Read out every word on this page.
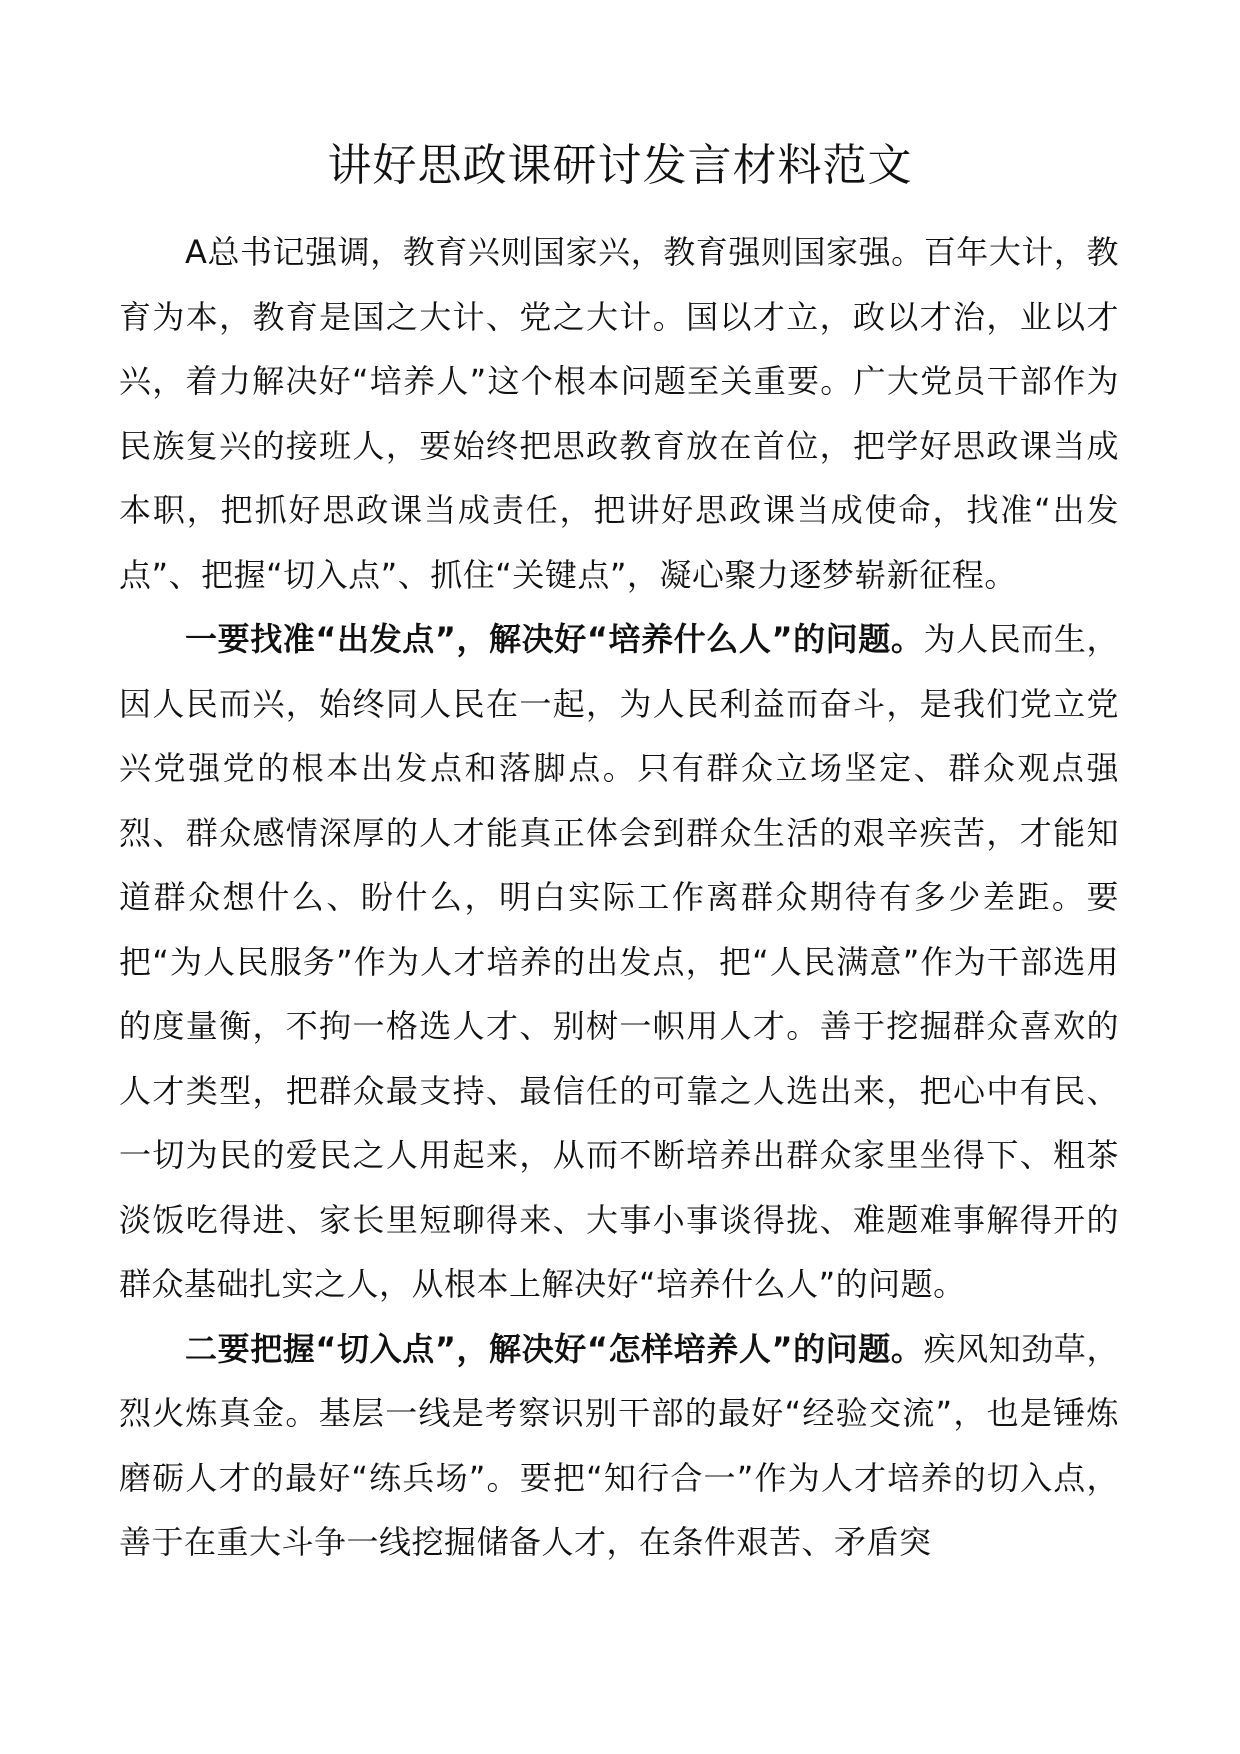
讲好思政课研讨发言材料范文

A总书记强调，教育兴则国家兴，教育强则国家强。百年大计，教育为本，教育是国之大计、党之大计。国以才立，政以才治，业以才兴，着力解决好“培养人”这个根本问题至关重要。广大党员干部作为民族复兴的接班人，要始终把思政教育放在首位，把学好思政课当成本职，把抓好思政课当成责任，把讲好思政课当成使命，找准“出发点”、把握“切入点”、抓住“关键点”，凝心聚力逐梦崭新征程。

一要找准“出发点”，解决好“培养什么人”的问题。为人民而生，因人民而兴，始终同人民在一起，为人民利益而奋斗，是我们党立党兴党强党的根本出发点和落脚点。只有群众立场坚定、群众观点强烈、群众感情深厚的人才能真正体会到群众生活的艰辛疾苦，才能知道群众想什么、盼什么，明白实际工作离群众期待有多少差距。要把“为人民服务”作为人才培养的出发点，把“人民满意”作为干部选用的度量衡，不拘一格选人才、别树一帜用人才。善于挖掘群众喜欢的人才类型，把群众最支持、最信任的可靠之人选出来，把心中有民、一切为民的爱民之人用起来，从而不断培养出群众家里坐得下、粗茶淡饭吃得进、家长里短聊得来、大事小事谈得拢、难题难事解得开的群众基础扎实之人，从根本上解决好“培养什么人”的问题。

二要把握“切入点”，解决好“怎样培养人”的问题。疾风知劲草，烈火炼真金。基层一线是考察识别干部的最好“经验交流”，也是锤炼磨砺人才的最好“练兵场”。要把“知行合一”作为人才培养的切入点，善于在重大斗争一线挖掘储备人才，在条件艰苦、矛盾突
